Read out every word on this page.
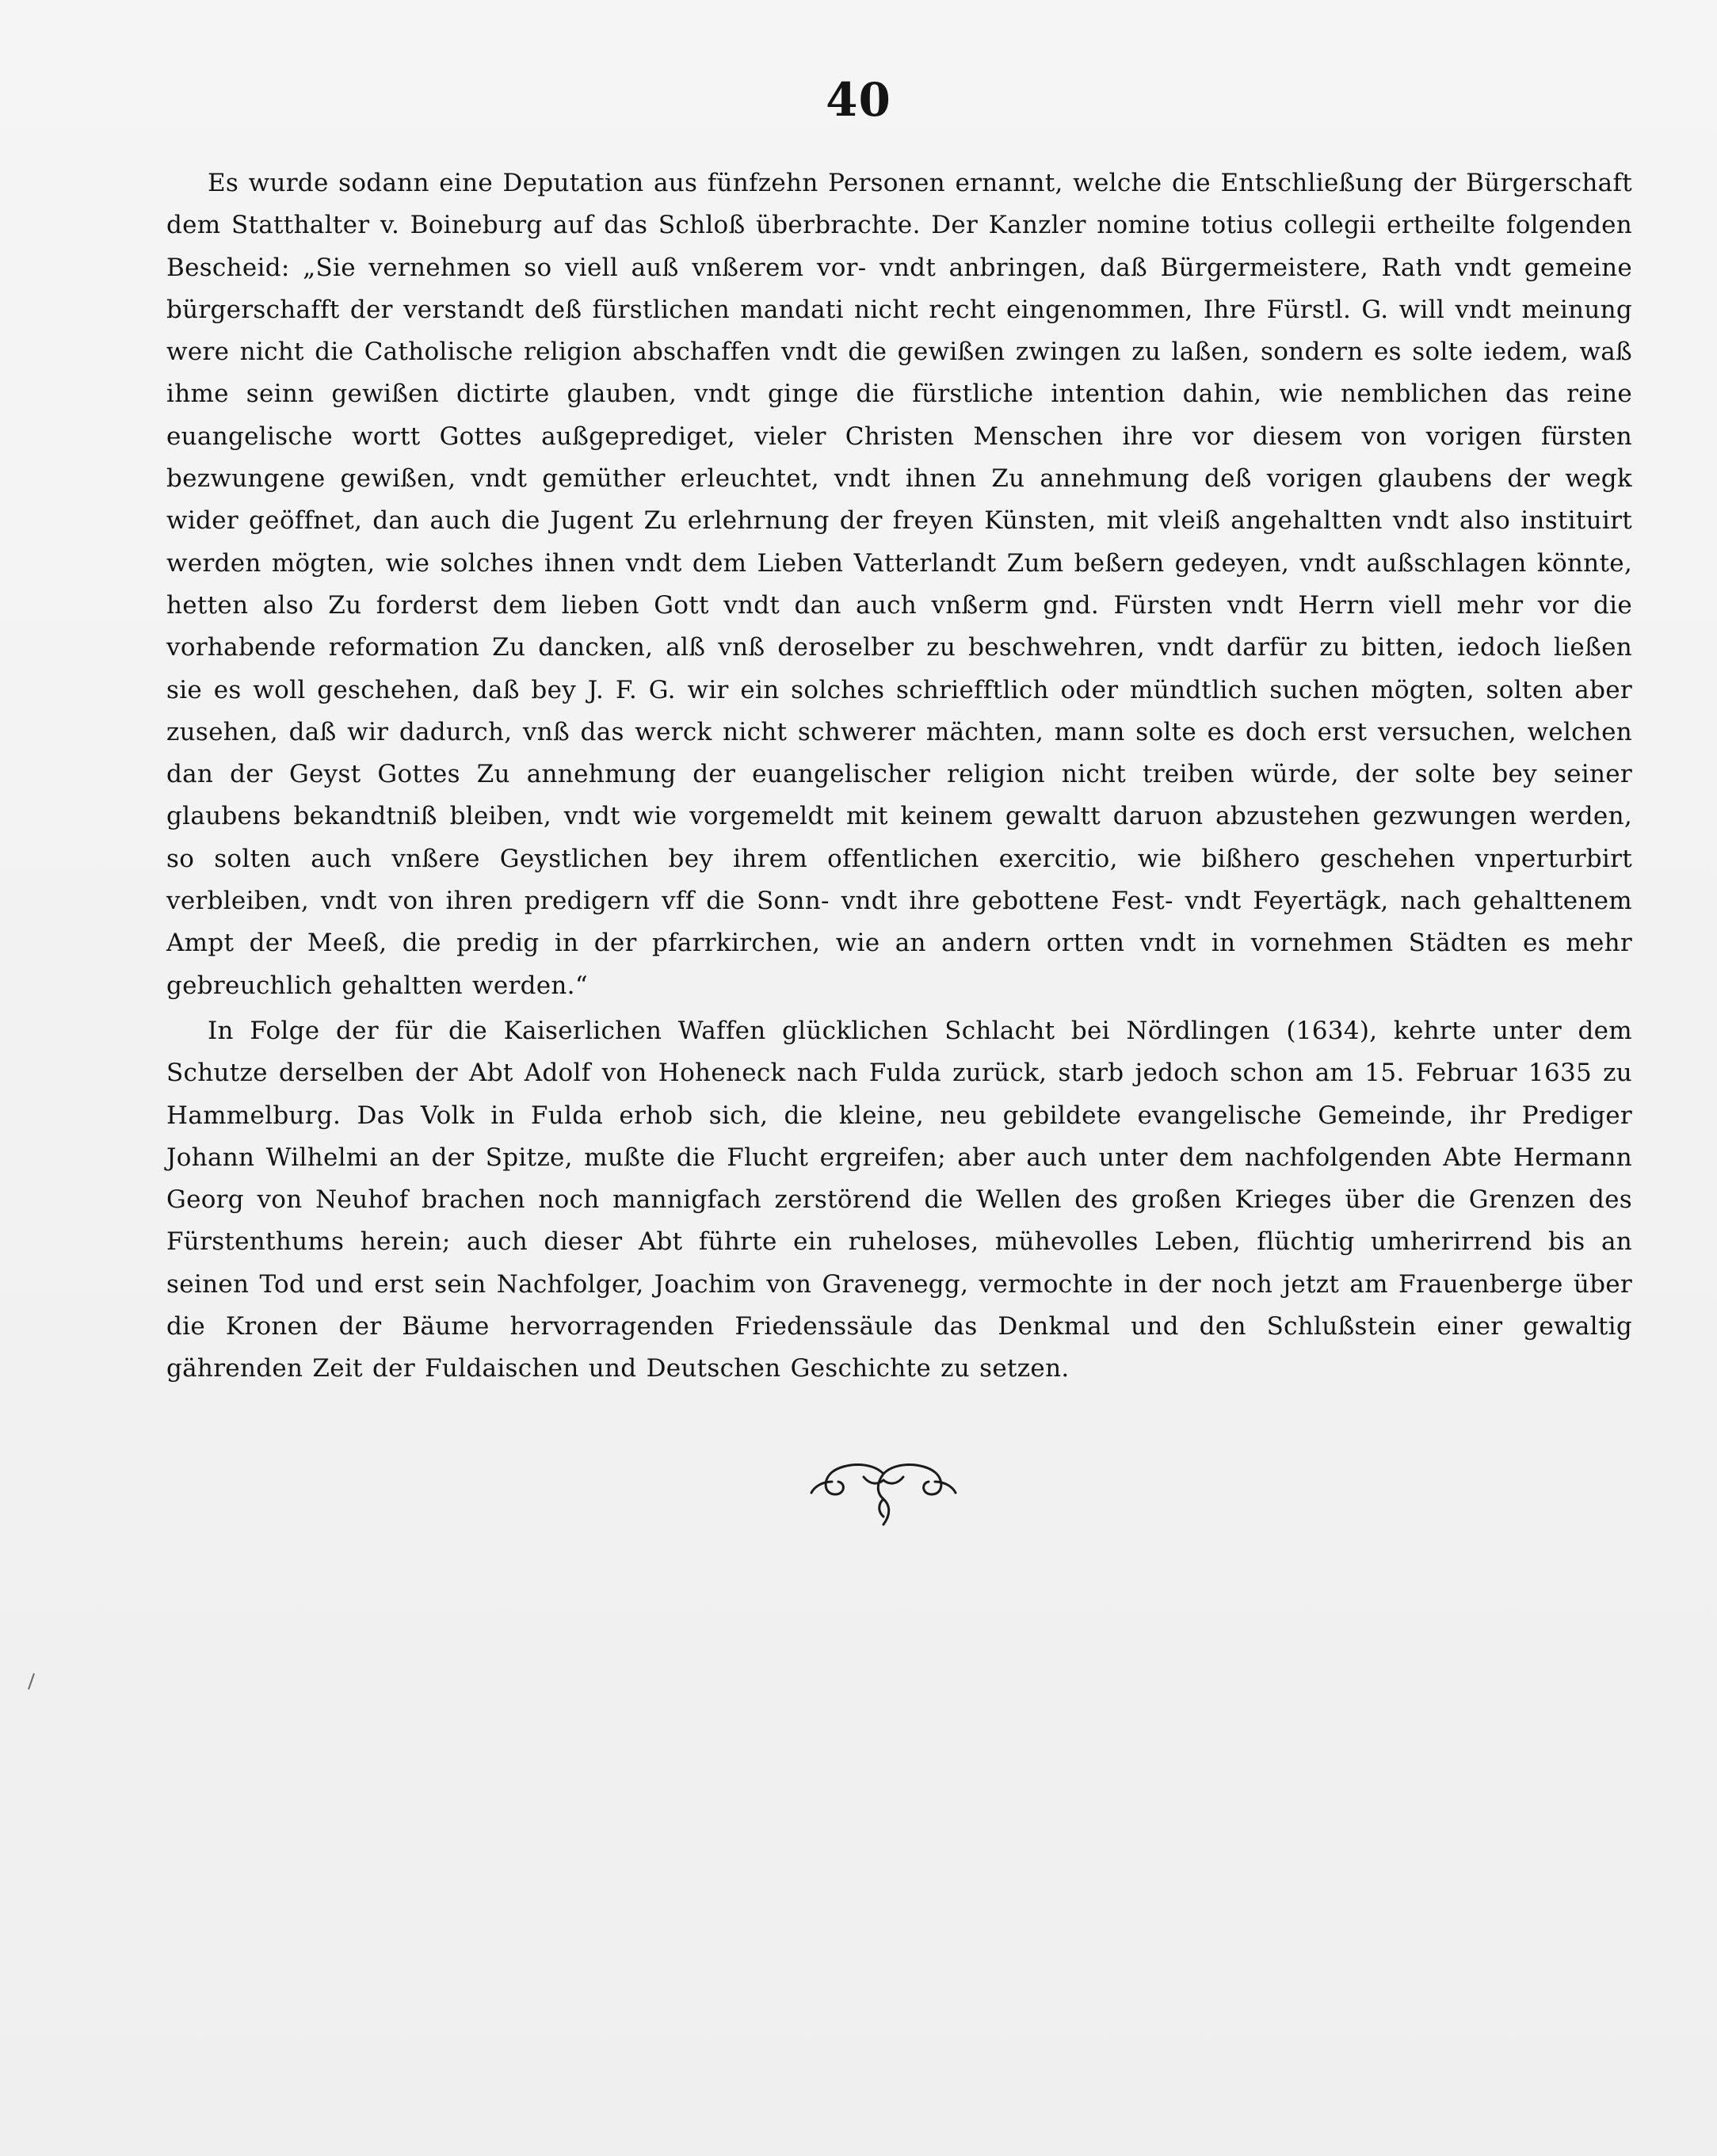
40

Es wurde sodann eine Deputation aus fünfzehn Personen ernannt, welche die Entschließung der Bürgerschaft dem Statthalter v. Boineburg auf das Schloß überbrachte. Der Kanzler nomine totius collegii ertheilte folgenden Bescheid: „Sie vernehmen so viell auß vnßerem vor- vndt anbringen, daß Bürgermeistere, Rath vndt gemeine bürgerschafft der verstandt deß fürstlichen mandati nicht recht eingenommen, Ihre Fürstl. G. will vndt meinung were nicht die Catholische religion abschaffen vndt die gewißen zwingen zu laßen, sondern es solte iedem, waß ihme seinn gewißen dictirte glauben, vndt ginge die fürstliche intention dahin, wie nemblichen das reine euangelische wortt Gottes außgeprediget, vieler Christen Menschen ihre vor diesem von vorigen fürsten bezwungene gewißen, vndt gemüther erleuchtet, vndt ihnen Zu annehmung deß vorigen glaubens der wegk wider geöffnet, dan auch die Jugent Zu erlehrnung der freyen Künsten, mit vleiß angehaltten vndt also instituirt werden mögten, wie solches ihnen vndt dem Lieben Vatterlandt Zum beßern gedeyen, vndt außschlagen könnte, hetten also Zu forderst dem lieben Gott vndt dan auch vnßerm gnd. Fürsten vndt Herrn viell mehr vor die vorhabende reformation Zu dancken, alß vnß deroselber zu beschwehren, vndt darfür zu bitten, iedoch ließen sie es woll geschehen, daß bey J. F. G. wir ein solches schriefftlich oder mündtlich suchen mögten, solten aber zusehen, daß wir dadurch, vnß das werck nicht schwerer mächten, mann solte es doch erst versuchen, welchen dan der Geyst Gottes Zu annehmung der euangelischer religion nicht treiben würde, der solte bey seiner glaubens bekandtniß bleiben, vndt wie vorgemeldt mit keinem gewaltt daruon abzustehen gezwungen werden, so solten auch vnßere Geystlichen bey ihrem offentlichen exercitio, wie bißhero geschehen vnperturbirt verbleiben, vndt von ihren predigern vff die Sonn- vndt ihre gebottene Fest- vndt Feyertägk, nach gehalttenem Ampt der Meeß, die predig in der pfarrkirchen, wie an andern ortten vndt in vornehmen Städten es mehr gebreuchlich gehaltten werden.“

In Folge der für die Kaiserlichen Waffen glücklichen Schlacht bei Nördlingen (1634), kehrte unter dem Schutze derselben der Abt Adolf von Hoheneck nach Fulda zurück, starb jedoch schon am 15. Februar 1635 zu Hammelburg. Das Volk in Fulda erhob sich, die kleine, neu gebildete evangelische Gemeinde, ihr Prediger Johann Wilhelmi an der Spitze, mußte die Flucht ergreifen; aber auch unter dem nachfolgenden Abte Hermann Georg von Neuhof brachen noch mannigfach zerstörend die Wellen des großen Krieges über die Grenzen des Fürstenthums herein; auch dieser Abt führte ein ruheloses, mühevolles Leben, flüchtig umherirrend bis an seinen Tod und erst sein Nachfolger, Joachim von Gravenegg, vermochte in der noch jetzt am Frauenberge über die Kronen der Bäume hervorragenden Friedenssäule das Denkmal und den Schlußstein einer gewaltig gährenden Zeit der Fuldaischen und Deutschen Geschichte zu setzen.
